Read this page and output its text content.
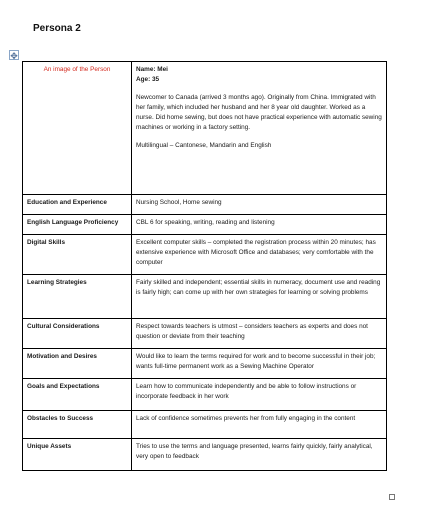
Persona 2
✥
An image of the Person	Name: Mei

Age: 35

Newcomer to Canada (arrived 3 months ago). Originally from China. Immigrated with her family, which included her husband and her 8 year old daughter. Worked as a nurse. Did home sewing, but does not have practical experience with automatic sewing machines or working in a factory setting.

Multilingual – Cantonese, Mandarin and English

Education and Experience	Nursing School, Home sewing
English Language Proficiency	CBL 6 for speaking, writing, reading and listening
Digital Skills	Excellent computer skills – completed the registration process within 20 minutes; has extensive experience with Microsoft Office and databases; very comfortable with the computer
Learning Strategies	Fairly skilled and independent; essential skills in numeracy, document use and reading is fairly high; can come up with her own strategies for learning or solving problems
Cultural Considerations	Respect towards teachers is utmost – considers teachers as experts and does not question or deviate from their teaching
Motivation and Desires	Would like to learn the terms required for work and to become successful in their job; wants full-time permanent work as a Sewing Machine Operator
Goals and Expectations	Learn how to communicate independently and be able to follow instructions or incorporate feedback in her work
Obstacles to Success	Lack of confidence sometimes prevents her from fully engaging in the content
Unique Assets	Tries to use the terms and language presented, learns fairly quickly, fairly analytical, very open to feedback
